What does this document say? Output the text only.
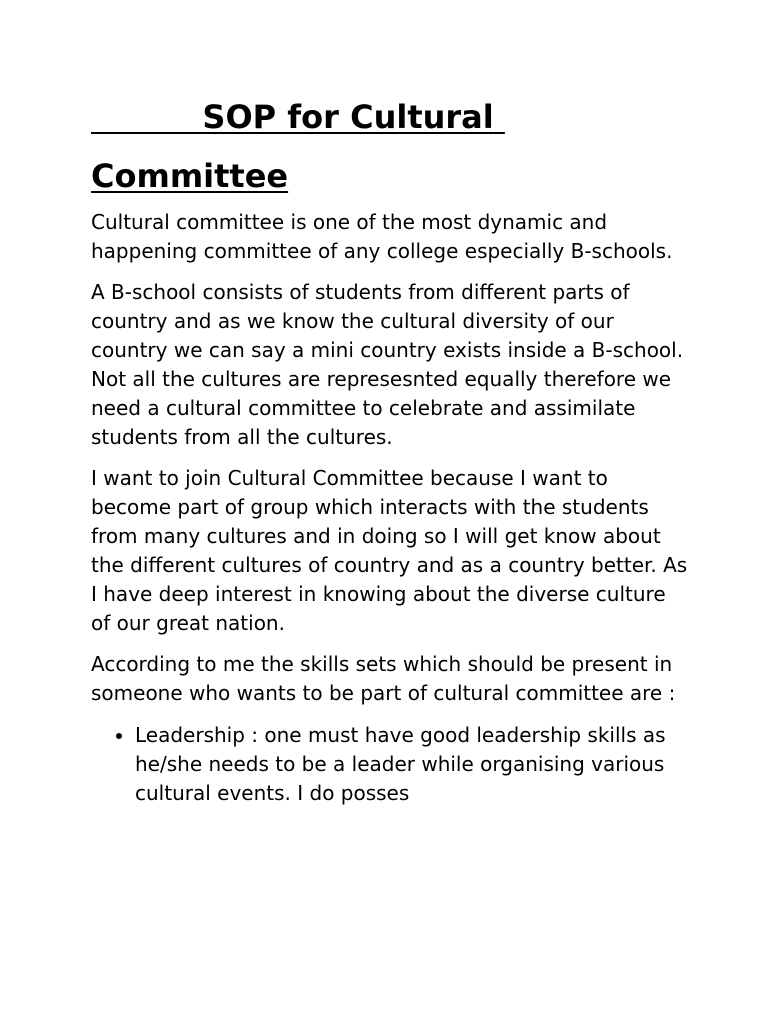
SOP for Cultural Committee

Cultural committee is one of the most dynamic and happening committee of any college especially B-schools.

A B-school consists of students from different parts of country and as we know the cultural diversity of our country we can say a mini country exists inside a B-school. Not all the cultures are represesnted equally therefore we need a cultural committee to celebrate and assimilate students from all the cultures.

I want to join Cultural Committee because I want to become part of group which interacts with the students from many cultures and in doing so I will get know about the different cultures of country and as a country better. As I have deep interest in knowing about the diverse culture of our great nation.

According to me the skills sets which should be present in someone who wants to be part of cultural committee are :

• Leadership : one must have good leadership skills as he/she needs to be a leader while organising various cultural events. I do posses
